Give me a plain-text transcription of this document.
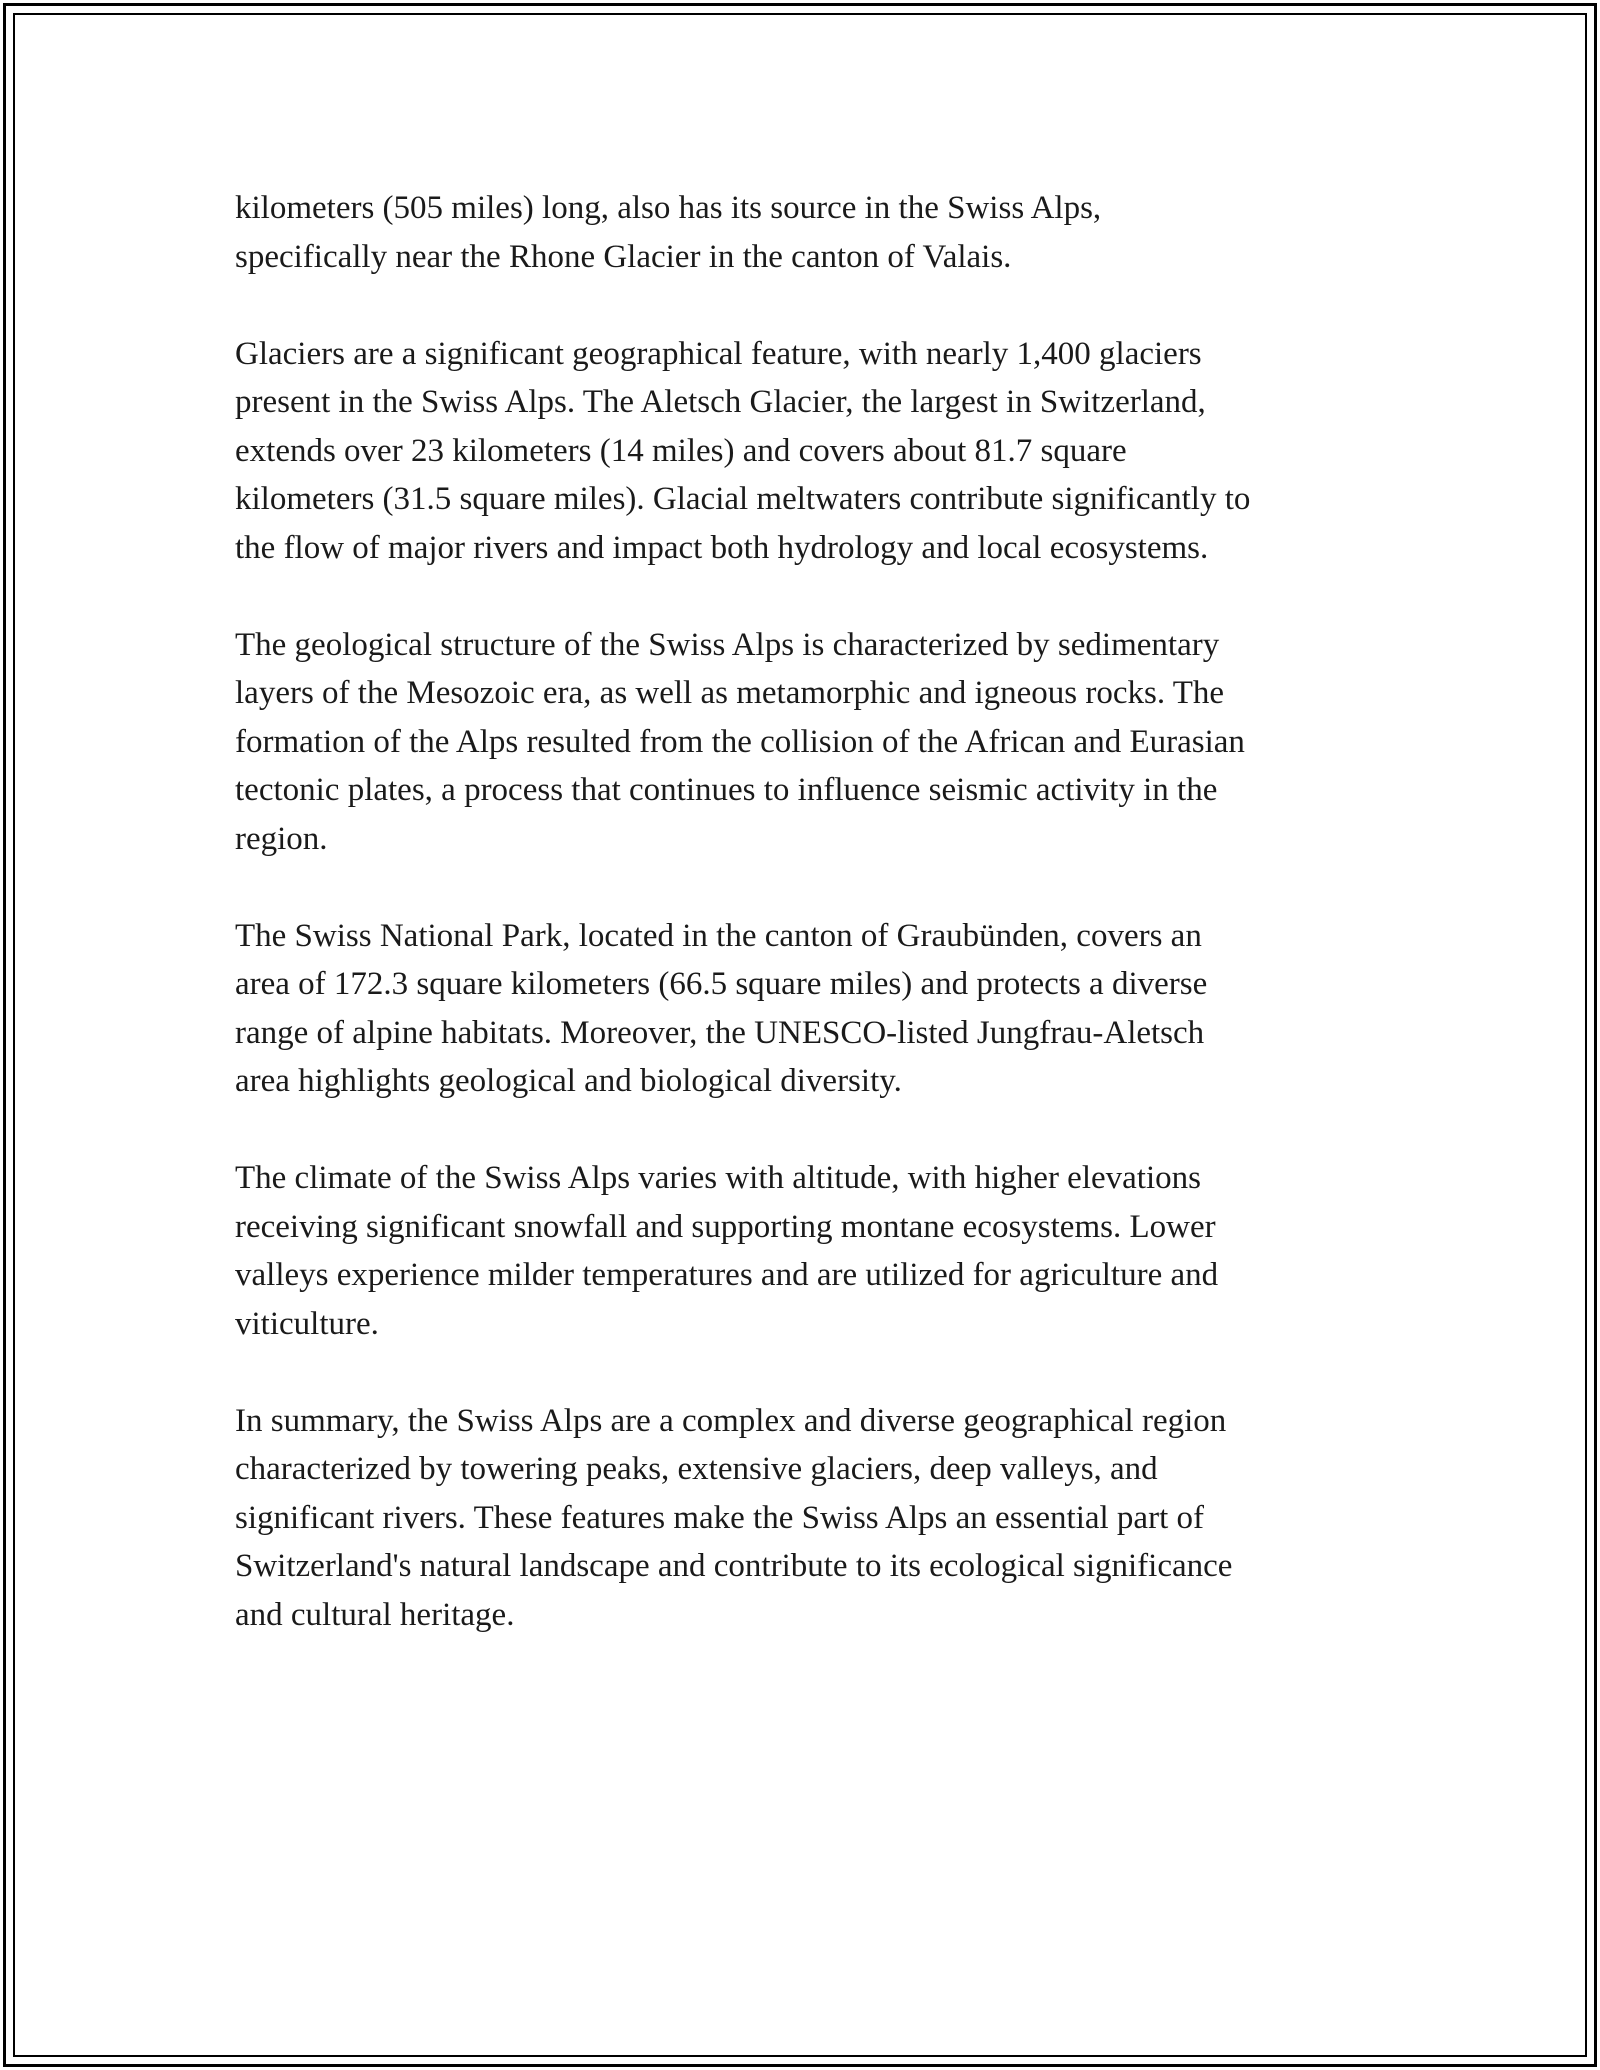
kilometers (505 miles) long, also has its source in the Swiss Alps,
specifically near the Rhone Glacier in the canton of Valais.

Glaciers are a significant geographical feature, with nearly 1,400 glaciers
present in the Swiss Alps. The Aletsch Glacier, the largest in Switzerland,
extends over 23 kilometers (14 miles) and covers about 81.7 square
kilometers (31.5 square miles). Glacial meltwaters contribute significantly to
the flow of major rivers and impact both hydrology and local ecosystems.

The geological structure of the Swiss Alps is characterized by sedimentary
layers of the Mesozoic era, as well as metamorphic and igneous rocks. The
formation of the Alps resulted from the collision of the African and Eurasian
tectonic plates, a process that continues to influence seismic activity in the
region.

The Swiss National Park, located in the canton of Graubünden, covers an
area of 172.3 square kilometers (66.5 square miles) and protects a diverse
range of alpine habitats. Moreover, the UNESCO-listed Jungfrau-Aletsch
area highlights geological and biological diversity.

The climate of the Swiss Alps varies with altitude, with higher elevations
receiving significant snowfall and supporting montane ecosystems. Lower
valleys experience milder temperatures and are utilized for agriculture and
viticulture.

In summary, the Swiss Alps are a complex and diverse geographical region
characterized by towering peaks, extensive glaciers, deep valleys, and
significant rivers. These features make the Swiss Alps an essential part of
Switzerland's natural landscape and contribute to its ecological significance
and cultural heritage.
